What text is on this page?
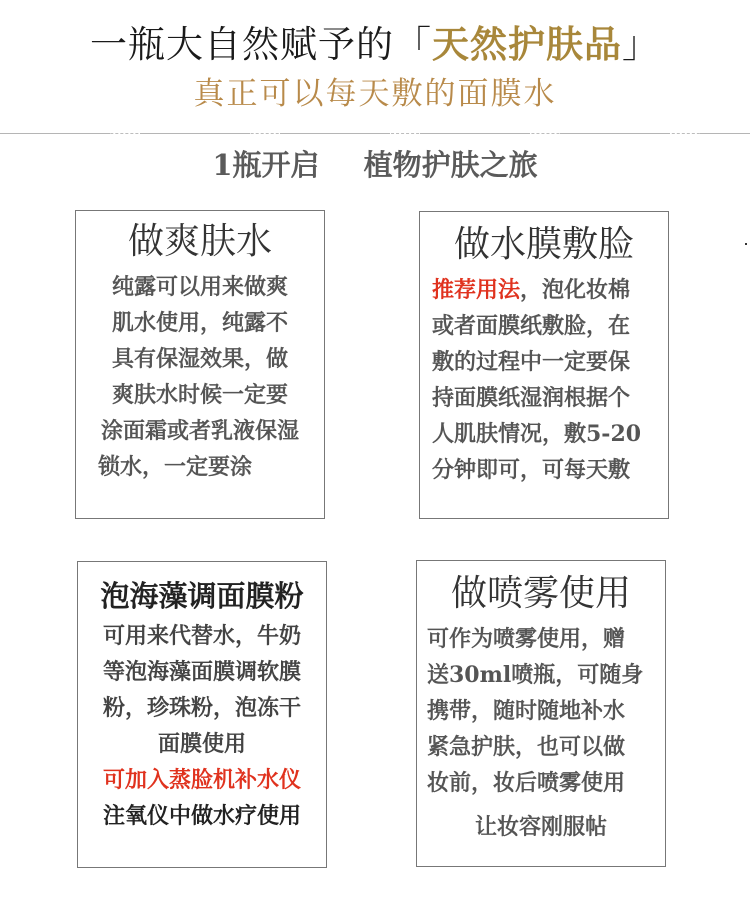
一瓶大自然赋予的「天然护肤品」
真正可以每天敷的面膜水
1瓶开启  植物护肤之旅
做爽肤水
纯露可以用来做爽
肌水使用，纯露不
具有保湿效果，做
爽肤水时候一定要
涂面霜或者乳液保湿
锁水，一定要涂
做水膜敷脸
推荐用法，泡化妆棉
或者面膜纸敷脸，在
敷的过程中一定要保
持面膜纸湿润根据个
人肌肤情况，敷5-20
分钟即可，可每天敷
泡海藻调面膜粉
可用来代替水，牛奶
等泡海藻面膜调软膜
粉，珍珠粉，泡冻干
面膜使用
可加入蒸脸机补水仪
注氧仪中做水疗使用
做喷雾使用
可作为喷雾使用，赠
送30ml喷瓶，可随身
携带，随时随地补水
紧急护肤，也可以做
妆前，妆后喷雾使用
让妆容刚服帖
